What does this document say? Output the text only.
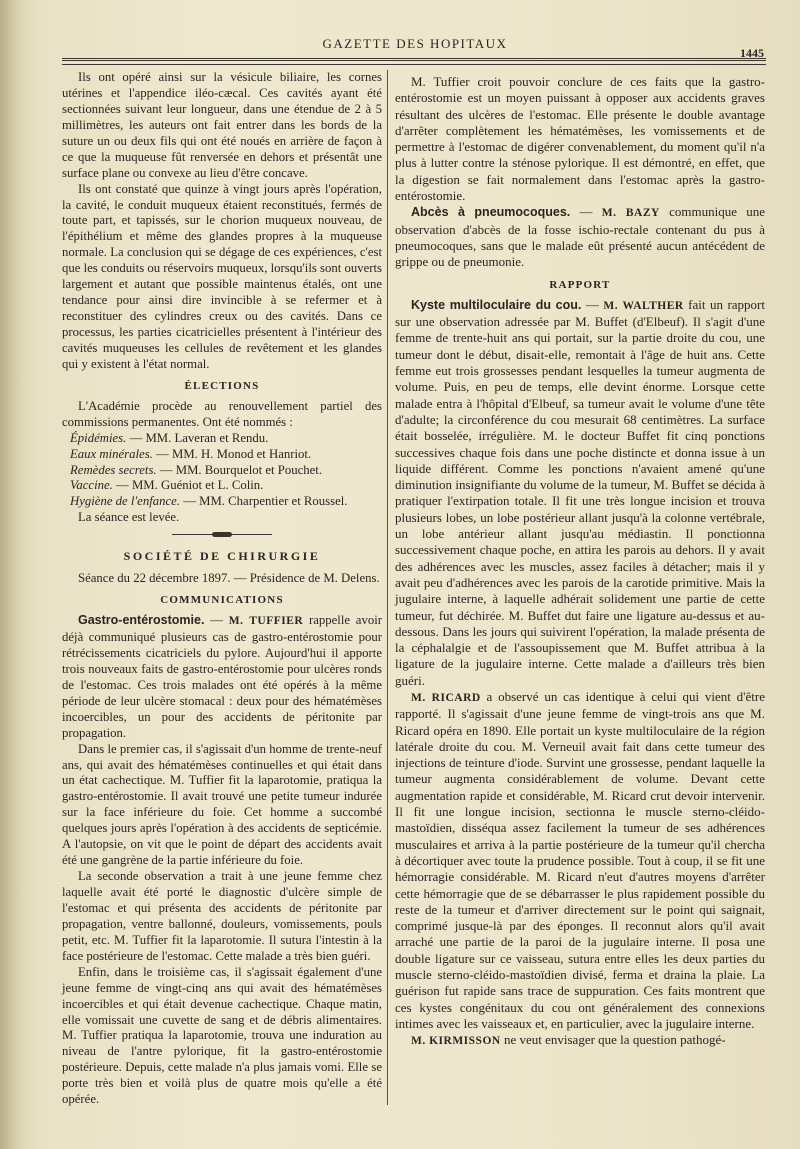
GAZETTE DES HOPITAUX
1445

Ils ont opéré ainsi sur la vésicule biliaire, les cornes utérines et l'appendice iléo-cæcal. Ces cavités ayant été sectionnées suivant leur longueur, dans une étendue de 2 à 5 millimètres, les auteurs ont fait entrer dans les bords de la suture un ou deux fils qui ont été noués en arrière de façon à ce que la muqueuse fût renversée en dehors et présentât une surface plane ou convexe au lieu d'être concave.

Ils ont constaté que quinze à vingt jours après l'opération, la cavité, le conduit muqueux étaient reconstitués, fermés de toute part, et tapissés, sur le chorion muqueux nouveau, de l'épithélium et même des glandes propres à la muqueuse normale. La conclusion qui se dégage de ces expériences, c'est que les conduits ou réservoirs muqueux, lorsqu'ils sont ouverts largement et autant que possible maintenus étalés, ont une tendance pour ainsi dire invincible à se refermer et à reconstituer des cylindres creux ou des cavités. Dans ce processus, les parties cicatricielles présentent à l'intérieur des cavités muqueuses les cellules de revêtement et les glandes qui y existent à l'état normal.

ÉLECTIONS

L'Académie procède au renouvellement partiel des commissions permanentes. Ont été nommés :

Épidémies. — MM. Laveran et Rendu.

Eaux minérales. — MM. H. Monod et Hanriot.

Remèdes secrets. — MM. Bourquelot et Pouchet.

Vaccine. — MM. Guéniot et L. Colin.

Hygiène de l'enfance. — MM. Charpentier et Roussel.

La séance est levée.

SOCIÉTÉ DE CHIRURGIE

Séance du 22 décembre 1897. — Présidence de M. Delens.

COMMUNICATIONS

Gastro-entérostomie. — M. TUFFIER rappelle avoir déjà communiqué plusieurs cas de gastro-entérostomie pour rétrécissements cicatriciels du pylore. Aujourd'hui il apporte trois nouveaux faits de gastro-entérostomie pour ulcères ronds de l'estomac. Ces trois malades ont été opérés à la même période de leur ulcère stomacal : deux pour des hématémèses incoercibles, un pour des accidents de péritonite par propagation.

Dans le premier cas, il s'agissait d'un homme de trente-neuf ans, qui avait des hématémèses continuelles et qui était dans un état cachectique. M. Tuffier fit la laparotomie, pratiqua la gastro-entérostomie. Il avait trouvé une petite tumeur indurée sur la face inférieure du foie. Cet homme a succombé quelques jours après l'opération à des accidents de septicémie. A l'autopsie, on vit que le point de départ des accidents avait été une gangrène de la partie inférieure du foie.

La seconde observation a trait à une jeune femme chez laquelle avait été porté le diagnostic d'ulcère simple de l'estomac et qui présenta des accidents de péritonite par propagation, ventre ballonné, douleurs, vomissements, pouls petit, etc. M. Tuffier fit la laparotomie. Il sutura l'intestin à la face postérieure de l'estomac. Cette malade a très bien guéri.

Enfin, dans le troisième cas, il s'agissait également d'une jeune femme de vingt-cinq ans qui avait des hématémèses incoercibles et qui était devenue cachectique. Chaque matin, elle vomissait une cuvette de sang et de débris alimentaires. M. Tuffier pratiqua la laparotomie, trouva une induration au niveau de l'antre pylorique, fit la gastro-entérostomie postérieure. Depuis, cette malade n'a plus jamais vomi. Elle se porte très bien et voilà plus de quatre mois qu'elle a été opérée.

M. Tuffier croit pouvoir conclure de ces faits que la gastro-entérostomie est un moyen puissant à opposer aux accidents graves résultant des ulcères de l'estomac. Elle présente le double avantage d'arrêter complètement les hématémèses, les vomissements et de permettre à l'estomac de digérer convenablement, du moment qu'il n'a plus à lutter contre la sténose pylorique. Il est démontré, en effet, que la digestion se fait normalement dans l'estomac après la gastro-entérostomie.

Abcès à pneumocoques. — M. BAZY communique une observation d'abcès de la fosse ischio-rectale contenant du pus à pneumocoques, sans que le malade eût présenté aucun antécédent de grippe ou de pneumonie.

RAPPORT

Kyste multiloculaire du cou. — M. WALTHER fait un rapport sur une observation adressée par M. Buffet (d'Elbeuf). Il s'agit d'une femme de trente-huit ans qui portait, sur la partie droite du cou, une tumeur dont le début, disait-elle, remontait à l'âge de huit ans. Cette femme eut trois grossesses pendant lesquelles la tumeur augmenta de volume. Puis, en peu de temps, elle devint énorme. Lorsque cette malade entra à l'hôpital d'Elbeuf, sa tumeur avait le volume d'une tête d'adulte; la circonférence du cou mesurait 68 centimètres. La surface était bosselée, irrégulière. M. le docteur Buffet fit cinq ponctions successives chaque fois dans une poche distincte et donna issue à un liquide différent. Comme les ponctions n'avaient amené qu'une diminution insignifiante du volume de la tumeur, M. Buffet se décida à pratiquer l'extirpation totale. Il fit une très longue incision et trouva plusieurs lobes, un lobe postérieur allant jusqu'à la colonne vertébrale, un lobe antérieur allant jusqu'au médiastin. Il ponctionna successivement chaque poche, en attira les parois au dehors. Il y avait des adhérences avec les muscles, assez faciles à détacher; mais il y avait peu d'adhérences avec les parois de la carotide primitive. Mais la jugulaire interne, à laquelle adhérait solidement une partie de cette tumeur, fut déchirée. M. Buffet dut faire une ligature au-dessus et au-dessous. Dans les jours qui suivirent l'opération, la malade présenta de la céphalalgie et de l'assoupissement que M. Buffet attribua à la ligature de la jugulaire interne. Cette malade a d'ailleurs très bien guéri.

M. RICARD a observé un cas identique à celui qui vient d'être rapporté. Il s'agissait d'une jeune femme de vingt-trois ans que M. Ricard opéra en 1890. Elle portait un kyste multiloculaire de la région latérale droite du cou. M. Verneuil avait fait dans cette tumeur des injections de teinture d'iode. Survint une grossesse, pendant laquelle la tumeur augmenta considérablement de volume. Devant cette augmentation rapide et considérable, M. Ricard crut devoir intervenir. Il fit une longue incision, sectionna le muscle sterno-cléido-mastoïdien, disséqua assez facilement la tumeur de ses adhérences musculaires et arriva à la partie postérieure de la tumeur qu'il chercha à décortiquer avec toute la prudence possible. Tout à coup, il se fit une hémorragie considérable. M. Ricard n'eut d'autres moyens d'arrêter cette hémorragie que de se débarrasser le plus rapidement possible du reste de la tumeur et d'arriver directement sur le point qui saignait, comprimé jusque-là par des éponges. Il reconnut alors qu'il avait arraché une partie de la paroi de la jugulaire interne. Il posa une double ligature sur ce vaisseau, sutura entre elles les deux parties du muscle sterno-cléido-mastoïdien divisé, ferma et draina la plaie. La guérison fut rapide sans trace de suppuration. Ces faits montrent que ces kystes congénitaux du cou ont généralement des connexions intimes avec les vaisseaux et, en particulier, avec la jugulaire interne.

M. KIRMISSON ne veut envisager que la question pathogé-
